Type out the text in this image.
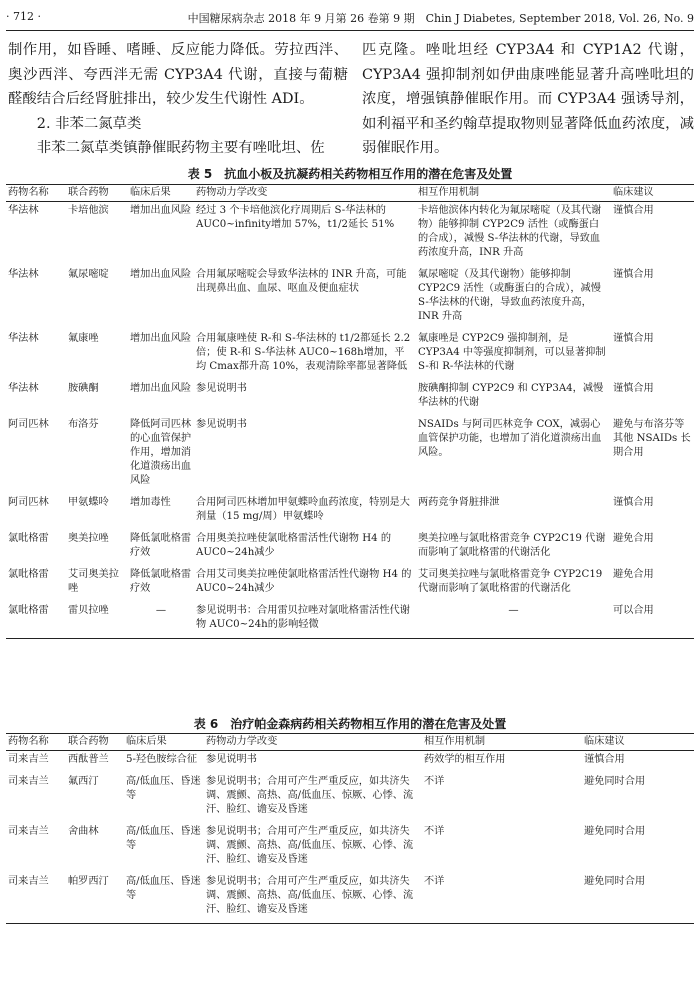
· 712 ·	中国糖尿病杂志 2018 年 9 月第 26 卷第 9 期　Chin J Diabetes, September 2018, Vol. 26, No. 9

制作用，如昏睡、嗜睡、反应能力降低。劳拉西泮、奥沙西泮、夸西泮无需 CYP3A4 代谢，直接与葡糖醛酸结合后经肾脏排出，较少发生代谢性 ADI。

2. 非苯二氮草类

非苯二氮草类镇静催眠药物主要有唑吡坦、佐

匹克隆。唑吡坦经 CYP3A4 和 CYP1A2 代谢，CYP3A4 强抑制剂如伊曲康唑能显著升高唑吡坦的浓度，增强镇静催眠作用。而 CYP3A4 强诱导剂，如利福平和圣约翰草提取物则显著降低血药浓度，减弱催眠作用。

表 5　抗血小板及抗凝药相关药物相互作用的潜在危害及处置
药物名称	联合药物	临床后果	药物动力学改变	相互作用机制	临床建议
华法林	卡培他滨	增加出血风险	经过 3 个卡培他滨化疗周期后 S-华法林的 AUC0~infinity增加 57%，t1/2延长 51%	卡培他滨体内转化为氟尿嘧啶（及其代谢物）能够抑制 CYP2C9 活性（或酶蛋白的合成），减慢 S-华法林的代谢，导致血药浓度升高，INR 升高	谨慎合用
华法林	氟尿嘧啶	增加出血风险	合用氟尿嘧啶会导致华法林的 INR 升高，可能出现鼻出血、血尿、呕血及便血症状	氟尿嘧啶（及其代谢物）能够抑制 CYP2C9 活性（或酶蛋白的合成），减慢 S-华法林的代谢，导致血药浓度升高，INR 升高	谨慎合用
华法林	氟康唑	增加出血风险	合用氟康唑使 R-和 S-华法林的 t1/2都延长 2.2 倍；使 R-和 S-华法林 AUC0~168h增加，平均 Cmax都升高 10%，表观清除率都显著降低	氟康唑是 CYP2C9 强抑制剂，是 CYP3A4 中等强度抑制剂，可以显著抑制 S-和 R-华法林的代谢	谨慎合用
华法林	胺碘酮	增加出血风险	参见说明书	胺碘酮抑制 CYP2C9 和 CYP3A4，减慢华法林的代谢	谨慎合用
阿司匹林	布洛芬	降低阿司匹林的心血管保护作用，增加消化道溃疡出血风险	参见说明书	NSAIDs 与阿司匹林竞争 COX，减弱心血管保护功能，也增加了消化道溃疡出血风险。	避免与布洛芬等其他 NSAIDs 长期合用
阿司匹林	甲氨蝶呤	增加毒性	合用阿司匹林增加甲氨蝶呤血药浓度，特别是大剂量（15 mg/周）甲氨蝶呤	两药竞争肾脏排泄	谨慎合用
氯吡格雷	奥美拉唑	降低氯吡格雷疗效	合用奥美拉唑使氯吡格雷活性代谢物 H4 的 AUC0~24h减少	奥美拉唑与氯吡格雷竞争 CYP2C19 代谢而影响了氯吡格雷的代谢活化	避免合用
氯吡格雷	艾司奥美拉唑	降低氯吡格雷疗效	合用艾司奥美拉唑使氯吡格雷活性代谢物 H4 的 AUC0~24h减少	艾司奥美拉唑与氯吡格雷竞争 CYP2C19 代谢而影响了氯吡格雷的代谢活化	避免合用
氯吡格雷	雷贝拉唑	—	参见说明书：合用雷贝拉唑对氯吡格雷活性代谢物 AUC0~24h的影响轻微	—	可以合用
表 6　治疗帕金森病药相关药物相互作用的潜在危害及处置
药物名称	联合药物	临床后果	药物动力学改变	相互作用机制	临床建议
司来吉兰	西酞普兰	5-羟色胺综合征	参见说明书	药效学的相互作用	谨慎合用
司来吉兰	氟西汀	高/低血压、昏迷等	参见说明书；合用可产生严重反应，如共济失调、震颤、高热、高/低血压、惊厥、心悸、流汗、脸红、谵妄及昏迷	不详	避免同时合用
司来吉兰	舍曲林	高/低血压、昏迷等	参见说明书；合用可产生严重反应，如共济失调、震颤、高热、高/低血压、惊厥、心悸、流汗、脸红、谵妄及昏迷	不详	避免同时合用
司来吉兰	帕罗西汀	高/低血压、昏迷等	参见说明书；合用可产生严重反应，如共济失调、震颤、高热、高/低血压、惊厥、心悸、流汗、脸红、谵妄及昏迷	不详	避免同时合用
